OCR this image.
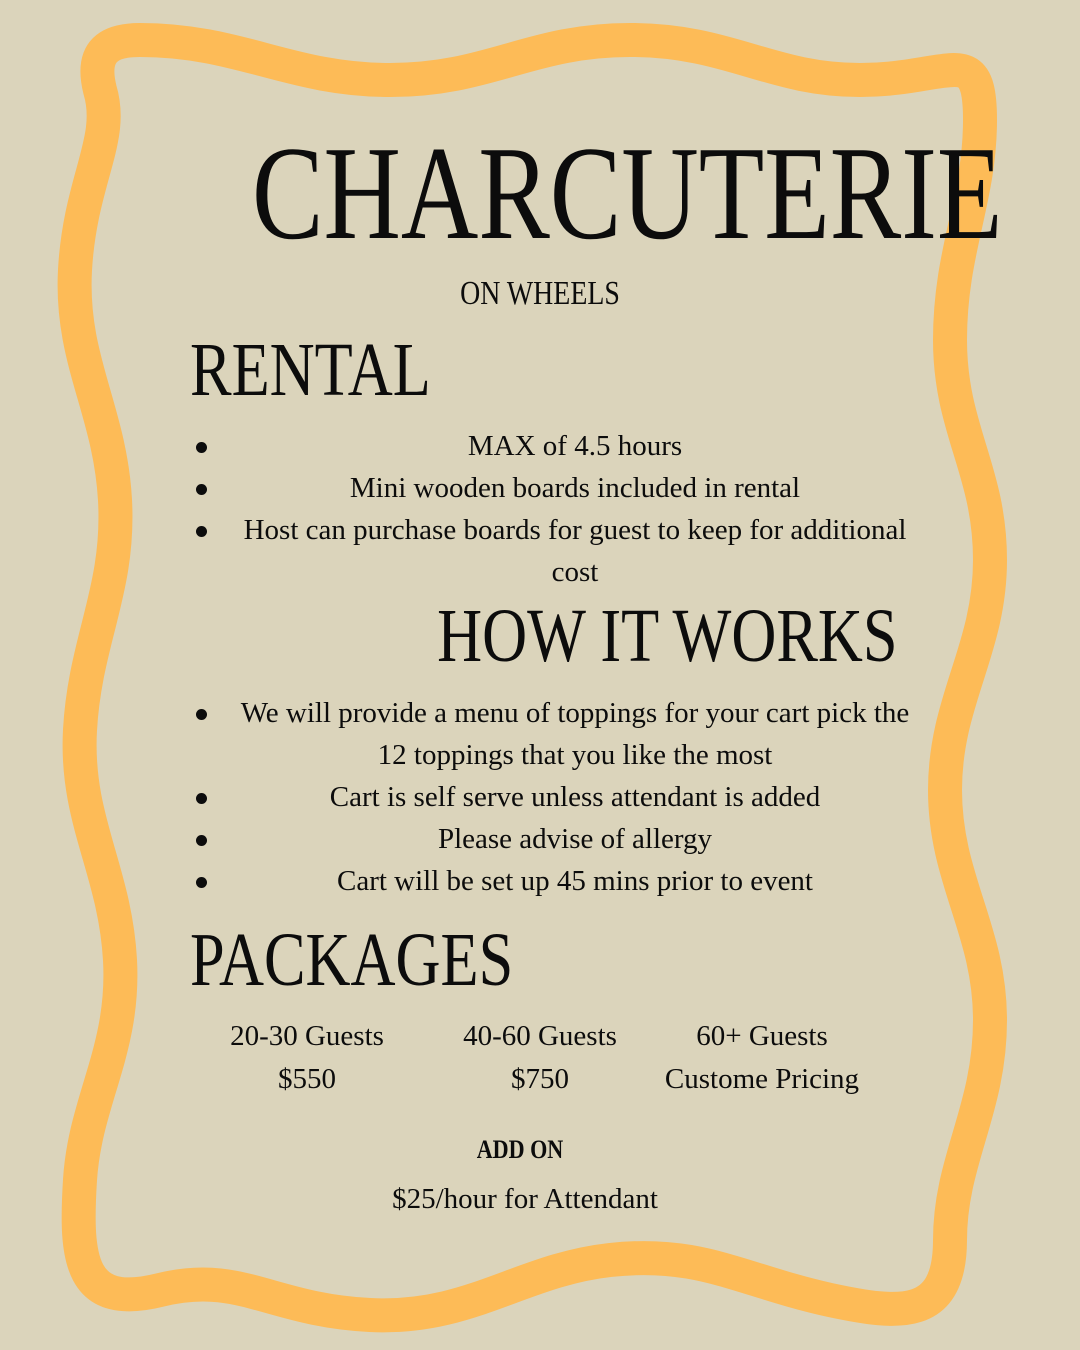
CHARCUTERIE
ON WHEELS
RENTAL
MAX of 4.5 hours
Mini wooden boards included in rental
Host can purchase boards for guest to keep for additional cost
HOW IT WORKS
We will provide a menu of toppings for your cart pick the 12 toppings that you like the most
Cart is self serve unless attendant is added
Please advise of allergy
Cart will be set up 45 mins prior to event
PACKAGES
20-30 Guests
$550
40-60 Guests
$750
60+ Guests
Custome Pricing
ADD ON
$25/hour for Attendant
